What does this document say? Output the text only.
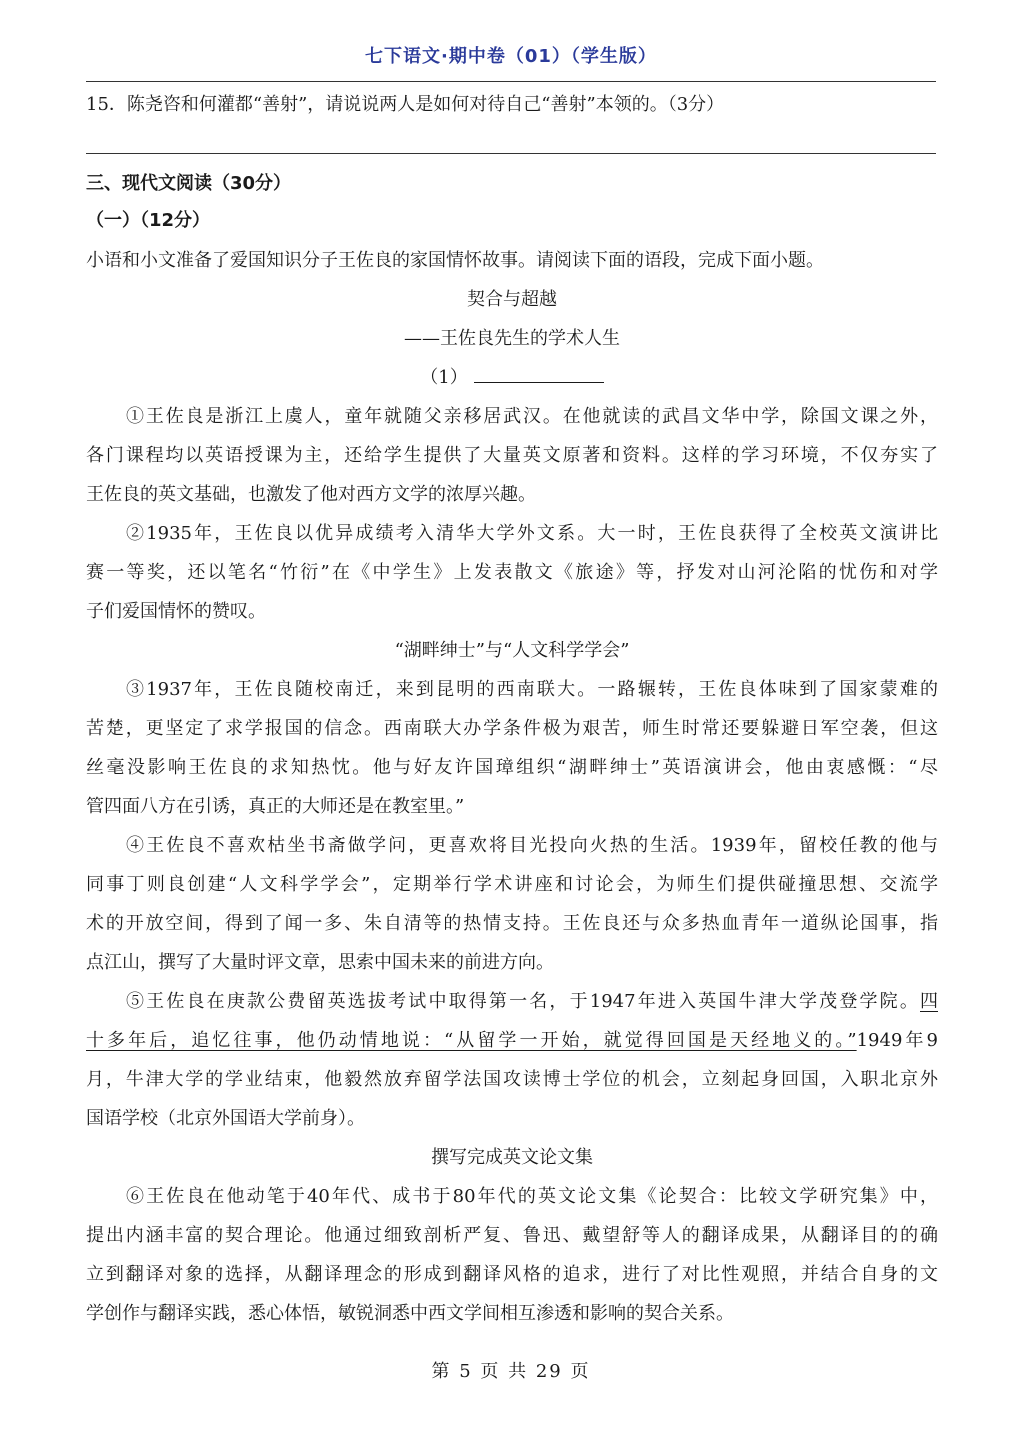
七下语文·期中卷（01）（学生版）
15．陈尧咨和何灌都“善射”，请说说两人是如何对待自己“善射”本领的。（3分）
三、现代文阅读（30分）
（一）（12分）
小语和小文准备了爱国知识分子王佐良的家国情怀故事。请阅读下面的语段，完成下面小题。
契合与超越
——王佐良先生的学术人生
（1）
①王佐良是浙江上虞人，童年就随父亲移居武汉。在他就读的武昌文华中学，除国文课之外，
各门课程均以英语授课为主，还给学生提供了大量英文原著和资料。这样的学习环境，不仅夯实了
王佐良的英文基础，也激发了他对西方文学的浓厚兴趣。
②1935年，王佐良以优异成绩考入清华大学外文系。大一时，王佐良获得了全校英文演讲比
赛一等奖，还以笔名“竹衍”在《中学生》上发表散文《旅途》等，抒发对山河沦陷的忧伤和对学
子们爱国情怀的赞叹。
“湖畔绅士”与“人文科学学会”
③1937年，王佐良随校南迁，来到昆明的西南联大。一路辗转，王佐良体味到了国家蒙难的
苦楚，更坚定了求学报国的信念。西南联大办学条件极为艰苦，师生时常还要躲避日军空袭，但这
丝毫没影响王佐良的求知热忱。他与好友许国璋组织“湖畔绅士”英语演讲会，他由衷感慨：“尽
管四面八方在引诱，真正的大师还是在教室里。”
④王佐良不喜欢枯坐书斋做学问，更喜欢将目光投向火热的生活。1939年，留校任教的他与
同事丁则良创建“人文科学学会”，定期举行学术讲座和讨论会，为师生们提供碰撞思想、交流学
术的开放空间，得到了闻一多、朱自清等的热情支持。王佐良还与众多热血青年一道纵论国事，指
点江山，撰写了大量时评文章，思索中国未来的前进方向。
⑤王佐良在庚款公费留英选拔考试中取得第一名，于1947年进入英国牛津大学茂登学院。四
十多年后，追忆往事，他仍动情地说：“从留学一开始，就觉得回国是天经地义的。”1949年9
月，牛津大学的学业结束，他毅然放弃留学法国攻读博士学位的机会，立刻起身回国，入职北京外
国语学校（北京外国语大学前身）。
撰写完成英文论文集
⑥王佐良在他动笔于40年代、成书于80年代的英文论文集《论契合：比较文学研究集》中，
提出内涵丰富的契合理论。他通过细致剖析严复、鲁迅、戴望舒等人的翻译成果，从翻译目的的确
立到翻译对象的选择，从翻译理念的形成到翻译风格的追求，进行了对比性观照，并结合自身的文
学创作与翻译实践，悉心体悟，敏锐洞悉中西文学间相互渗透和影响的契合关系。
第 5 页 共 29 页
